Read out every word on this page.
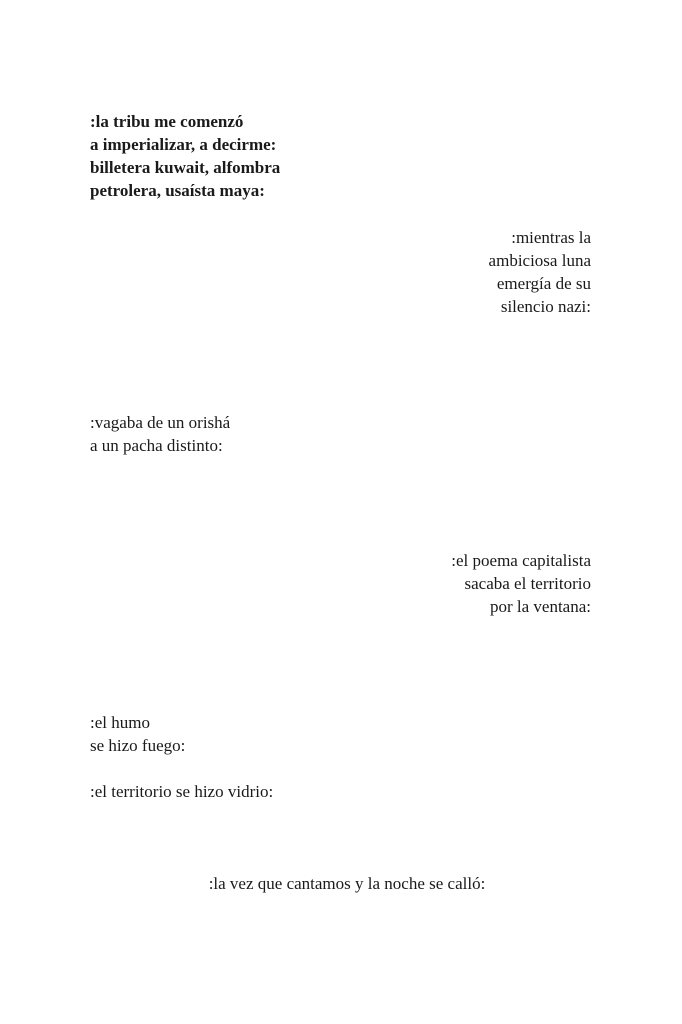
:la tribu me comenzó
a imperializar, a decirme:
billetera kuwait, alfombra
petrolera, usaísta maya:
:mientras la
ambiciosa luna
emergía de su
silencio nazi:
:vagaba de un orishá
a un pacha distinto:
:el poema capitalista
sacaba el territorio
por la ventana:
:el humo
se hizo fuego:
:el territorio se hizo vidrio:
:la vez que cantamos y la noche se calló:
